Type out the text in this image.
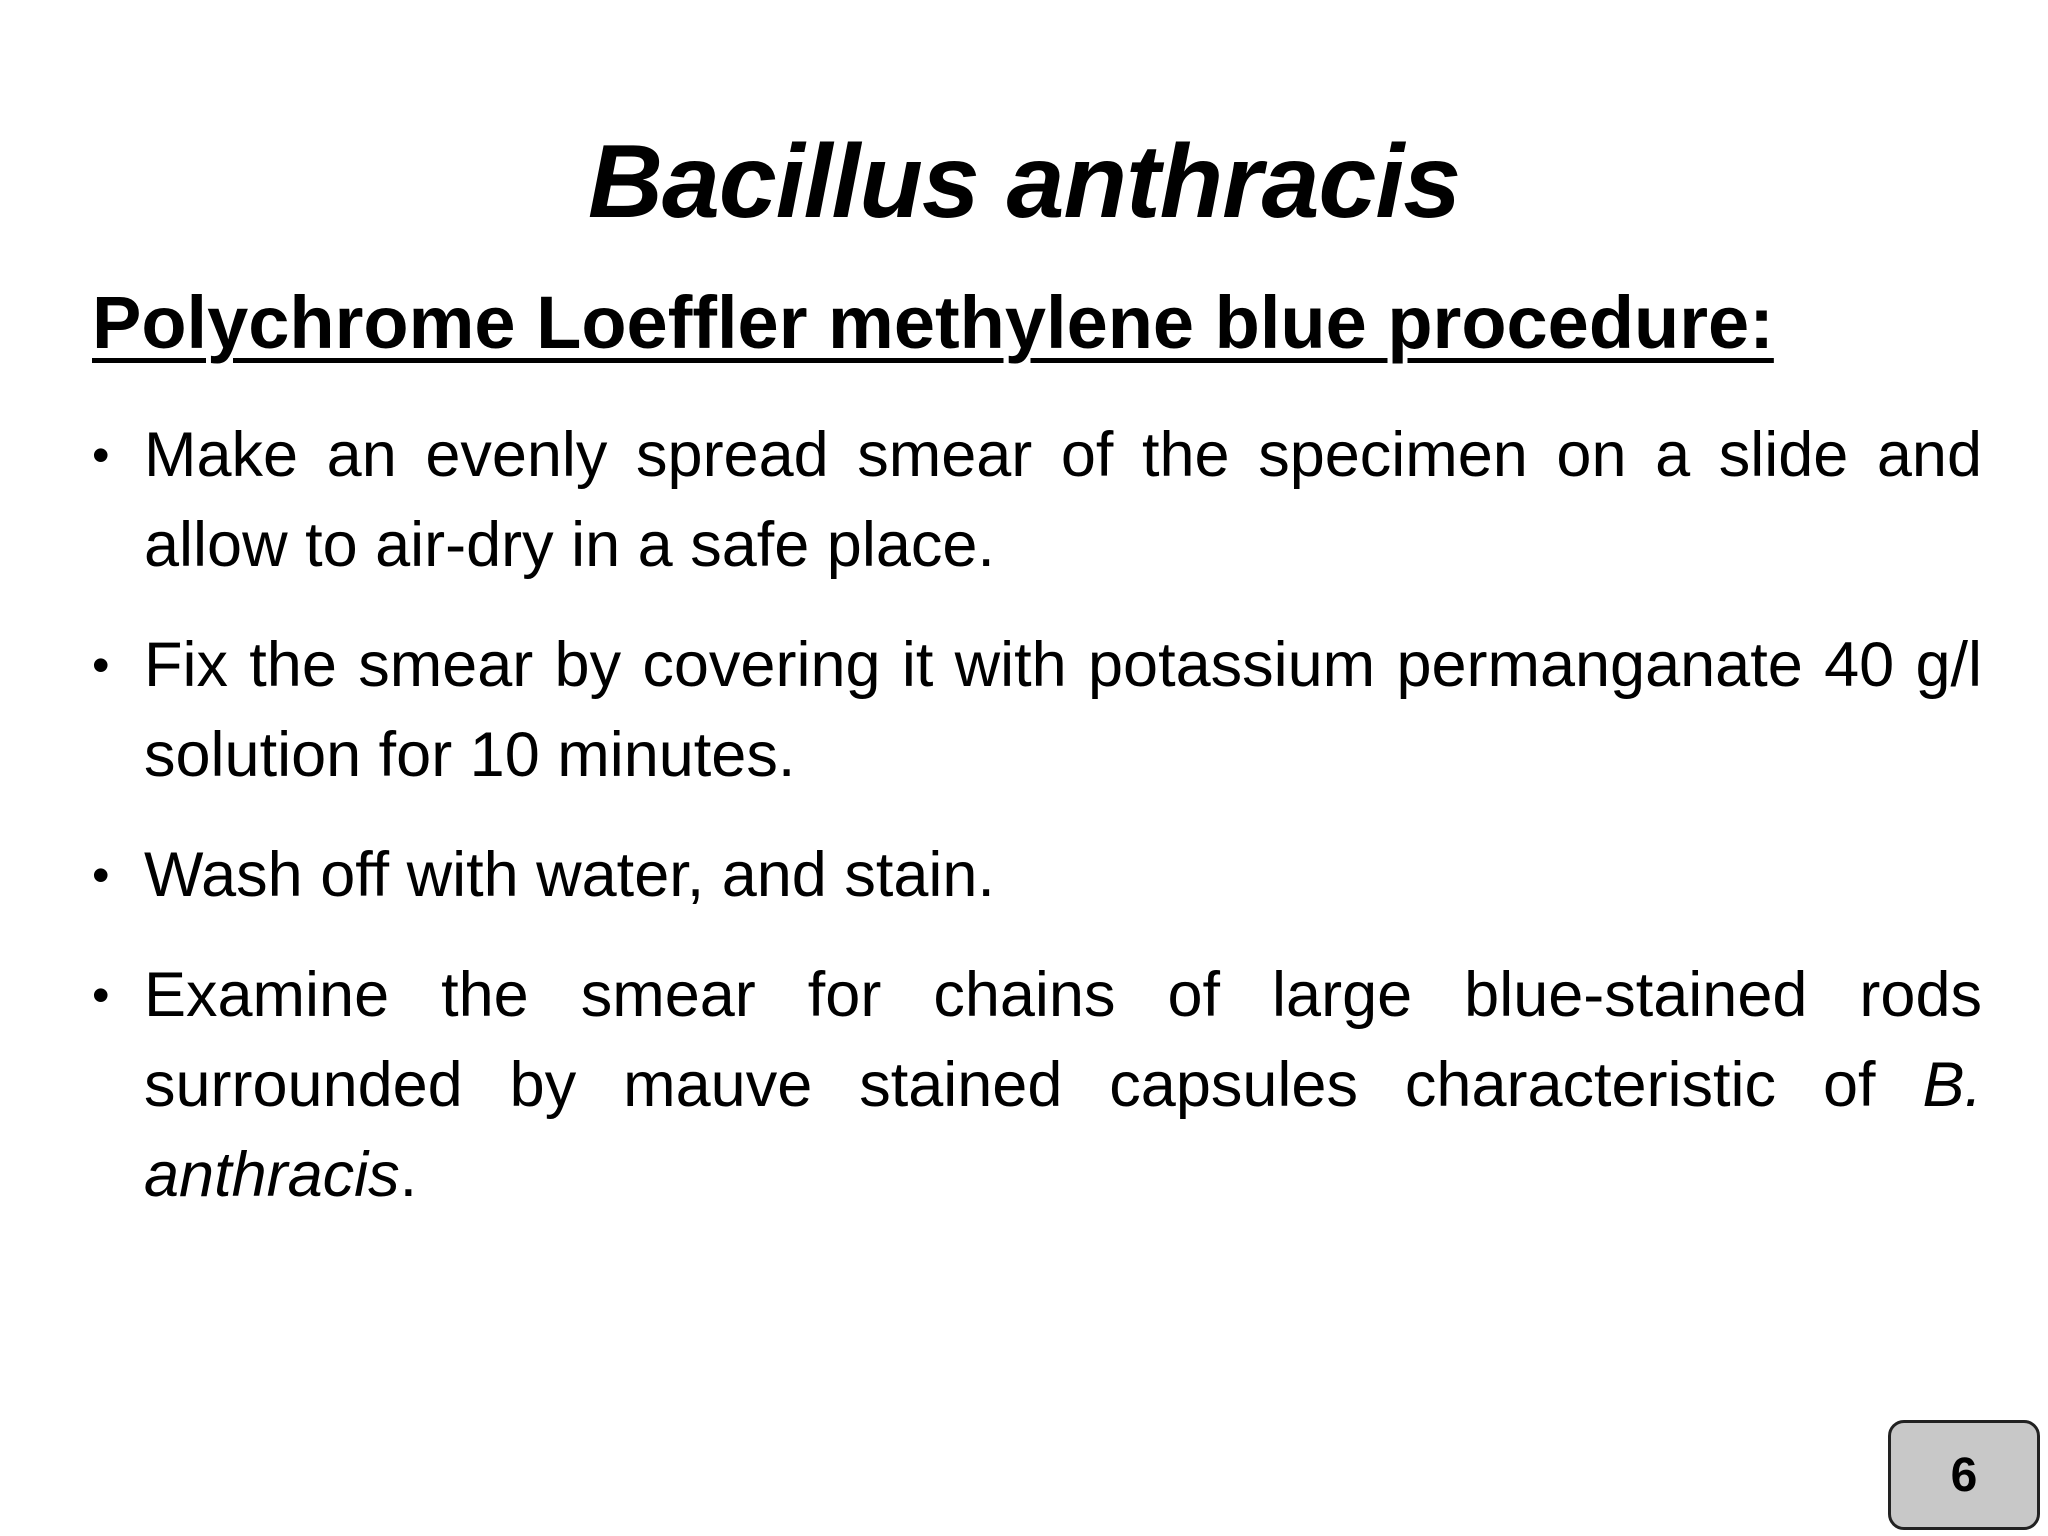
Bacillus anthracis
Polychrome Loeffler methylene blue procedure:
• Make an evenly spread smear of the specimen on a slide and allow to air-dry in a safe place.
• Fix the smear by covering it with potassium permanganate 40 g/l solution for 10 minutes.
• Wash off with water, and stain.
• Examine the smear for chains of large blue-stained rods surrounded by mauve stained capsules characteristic of B. anthracis.
6
